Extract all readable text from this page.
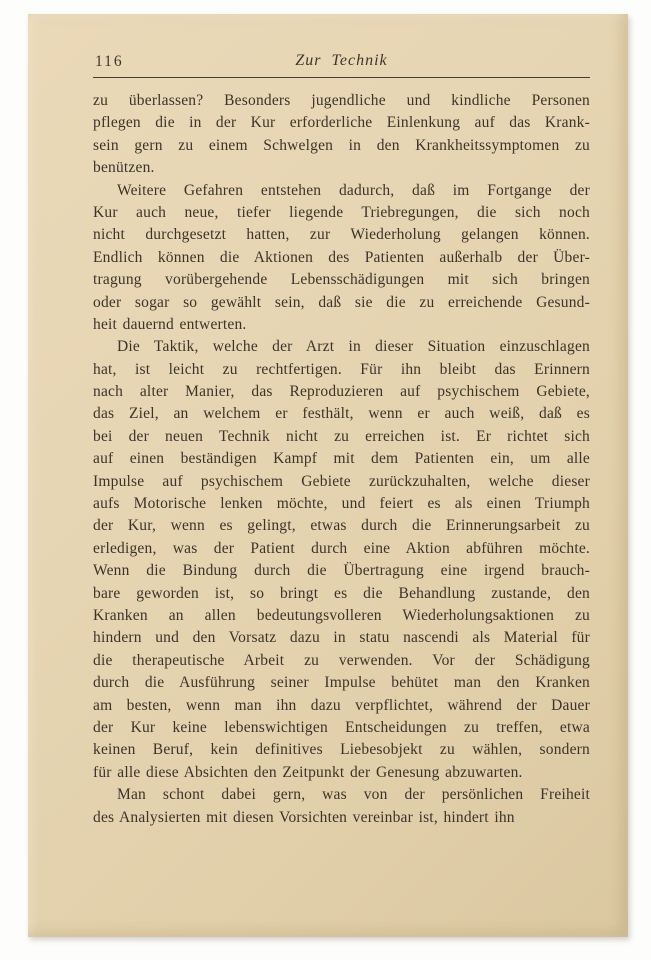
116	Zur Technik
zu überlassen? Besonders jugendliche und kindliche Personen
pflegen die in der Kur erforderliche Einlenkung auf das Krank-
sein gern zu einem Schwelgen in den Krankheitssymptomen zu
benützen.
Weitere Gefahren entstehen dadurch, daß im Fortgange der
Kur auch neue, tiefer liegende Triebregungen, die sich noch
nicht durchgesetzt hatten, zur Wiederholung gelangen können.
Endlich können die Aktionen des Patienten außerhalb der Über-
tragung vorübergehende Lebensschädigungen mit sich bringen
oder sogar so gewählt sein, daß sie die zu erreichende Gesund-
heit dauernd entwerten.
Die Taktik, welche der Arzt in dieser Situation einzuschlagen
hat, ist leicht zu rechtfertigen. Für ihn bleibt das Erinnern
nach alter Manier, das Reproduzieren auf psychischem Gebiete,
das Ziel, an welchem er festhält, wenn er auch weiß, daß es
bei der neuen Technik nicht zu erreichen ist. Er richtet sich
auf einen beständigen Kampf mit dem Patienten ein, um alle
Impulse auf psychischem Gebiete zurückzuhalten, welche dieser
aufs Motorische lenken möchte, und feiert es als einen Triumph
der Kur, wenn es gelingt, etwas durch die Erinnerungsarbeit zu
erledigen, was der Patient durch eine Aktion abführen möchte.
Wenn die Bindung durch die Übertragung eine irgend brauch-
bare geworden ist, so bringt es die Behandlung zustande, den
Kranken an allen bedeutungsvolleren Wiederholungsaktionen zu
hindern und den Vorsatz dazu in statu nascendi als Material für
die therapeutische Arbeit zu verwenden. Vor der Schädigung
durch die Ausführung seiner Impulse behütet man den Kranken
am besten, wenn man ihn dazu verpflichtet, während der Dauer
der Kur keine lebenswichtigen Entscheidungen zu treffen, etwa
keinen Beruf, kein definitives Liebesobjekt zu wählen, sondern
für alle diese Absichten den Zeitpunkt der Genesung abzuwarten.
Man schont dabei gern, was von der persönlichen Freiheit
des Analysierten mit diesen Vorsichten vereinbar ist, hindert ihn
